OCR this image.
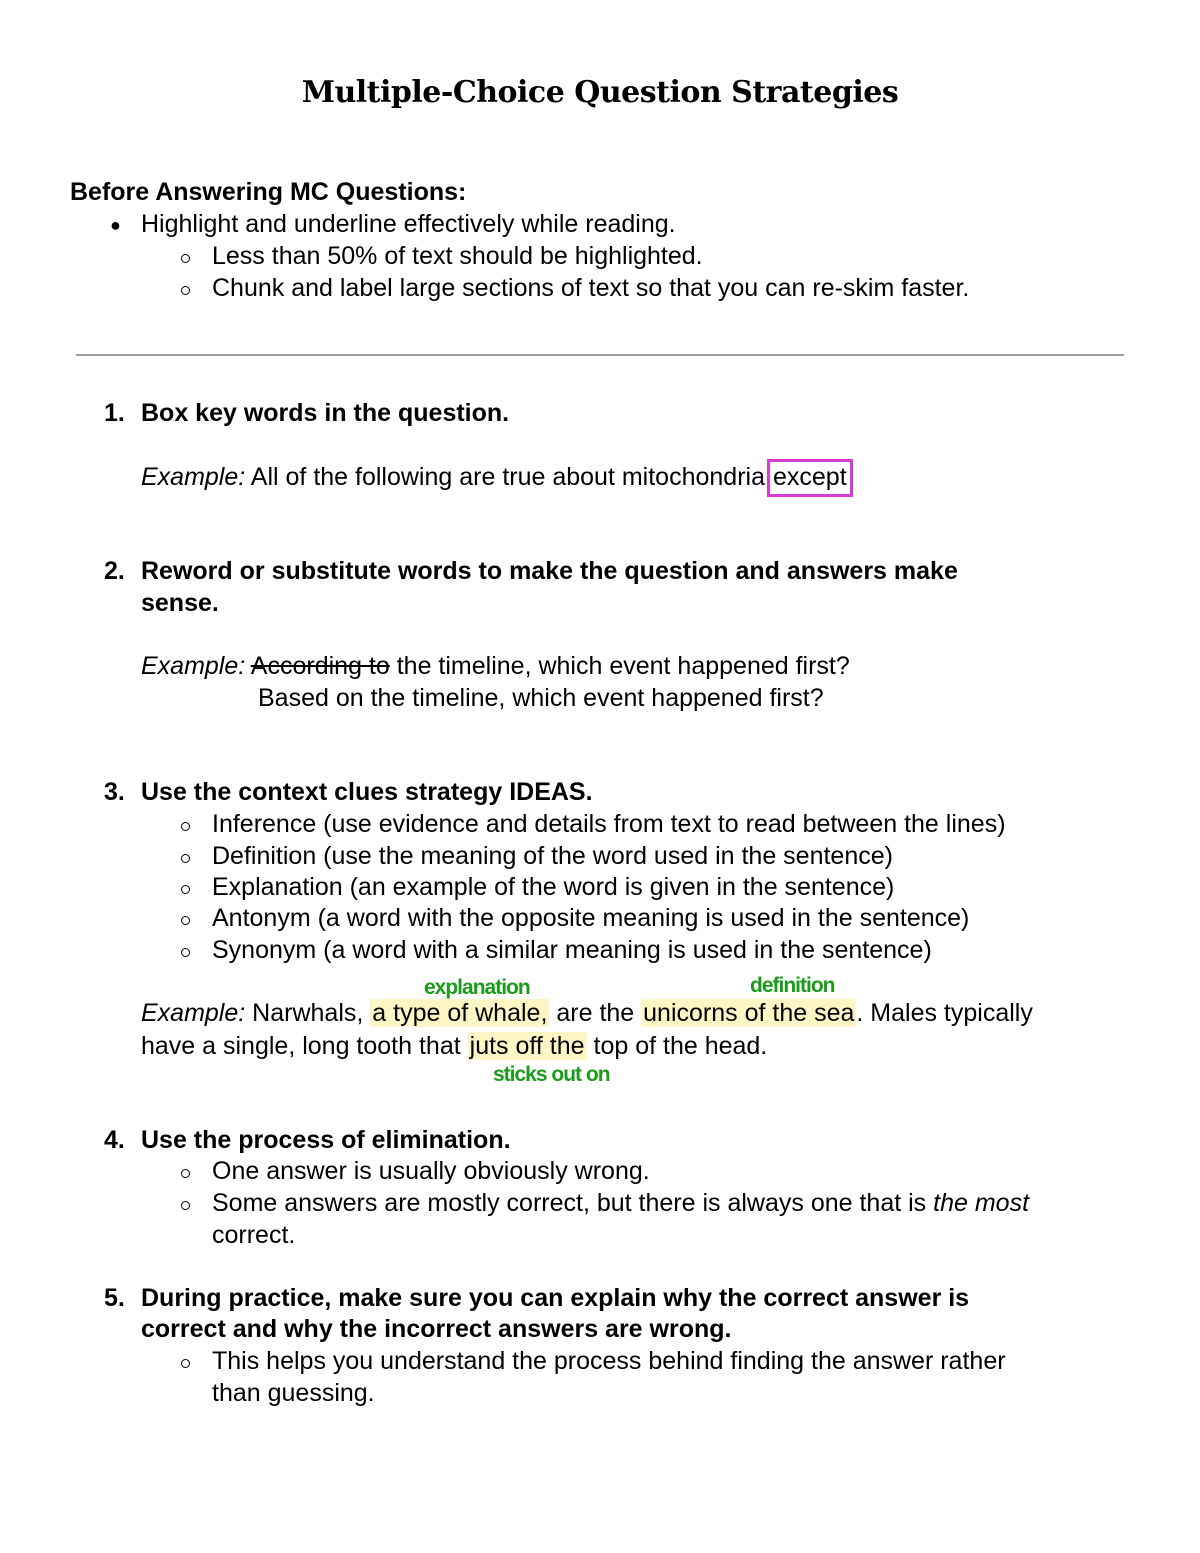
Multiple-Choice Question Strategies
Before Answering MC Questions:
● Highlight and underline effectively while reading.
Less than 50% of text should be highlighted.
Chunk and label large sections of text so that you can re-skim faster.
1. Box key words in the question.
Example: All of the following are true about mitochondria except
2. Reword or substitute words to make the question and answers make
sense.
Example: According to the timeline, which event happened first?
Based on the timeline, which event happened first?
3. Use the context clues strategy IDEAS.
Inference (use evidence and details from text to read between the lines)
Definition (use the meaning of the word used in the sentence)
Explanation (an example of the word is given in the sentence)
Antonym (a word with the opposite meaning is used in the sentence)
Synonym (a word with a similar meaning is used in the sentence)
explanation	definition
Example: Narwhals, a type of whale, are the unicorns of the sea. Males typically
have a single, long tooth that juts off the top of the head.
sticks out on
4. Use the process of elimination.
One answer is usually obviously wrong.
Some answers are mostly correct, but there is always one that is the most
correct.
5. During practice, make sure you can explain why the correct answer is
correct and why the incorrect answers are wrong.
This helps you understand the process behind finding the answer rather
than guessing.
